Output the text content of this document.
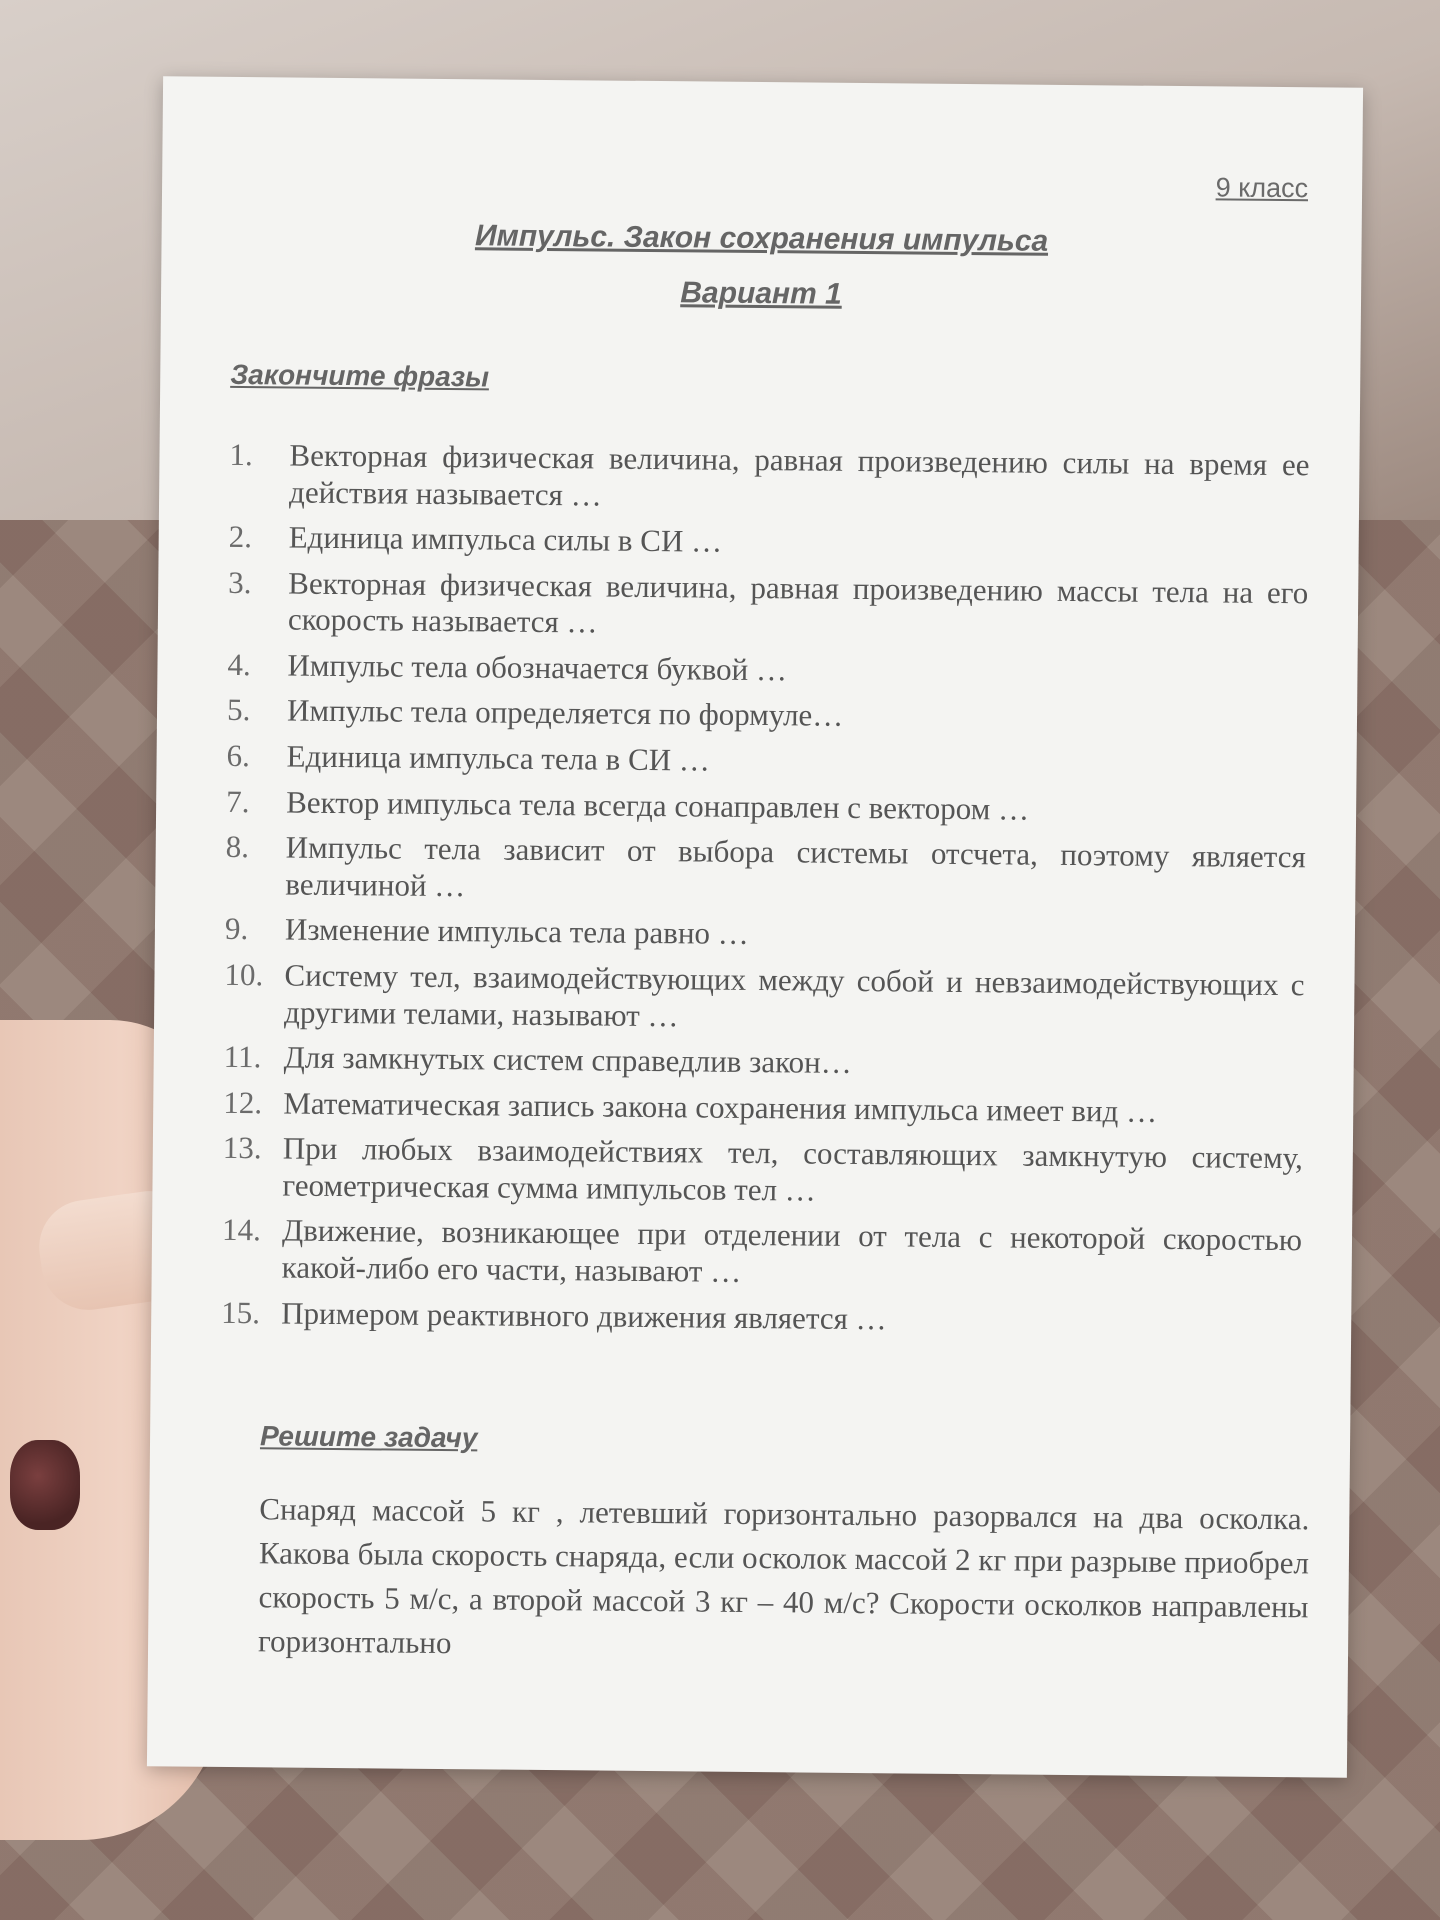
9 класс
Импульс. Закон сохранения импульса
Вариант 1
Закончите фразы
1.	Векторная физическая величина, равная произведению силы на время ее действия называется …
2.	Единица импульса силы в СИ …
3.	Векторная физическая величина, равная произведению массы тела на его скорость называется …
4.	Импульс тела обозначается буквой …
5.	Импульс тела определяется по формуле…
6.	Единица импульса тела в СИ …
7.	Вектор импульса тела всегда сонаправлен с вектором …
8.	Импульс тела зависит от выбора системы отсчета, поэтому является величиной …
9.	Изменение импульса тела равно …
10. Систему тел, взаимодействующих между собой и невзаимодействующих с другими телами, называют …
11. Для замкнутых систем справедлив закон…
12. Математическая запись закона сохранения импульса имеет вид …
13. При любых взаимодействиях тел, составляющих замкнутую систему, геометрическая сумма импульсов тел …
14. Движение, возникающее при отделении от тела с некоторой скоростью какой-либо его части, называют …
15. Примером реактивного движения является …
Решите задачу
Снаряд массой 5 кг , летевший горизонтально разорвался на два осколка. Какова была скорость снаряда, если осколок массой 2 кг при разрыве приобрел скорость 5 м/с, а второй массой 3 кг – 40 м/с? Скорости осколков направлены горизонтально
